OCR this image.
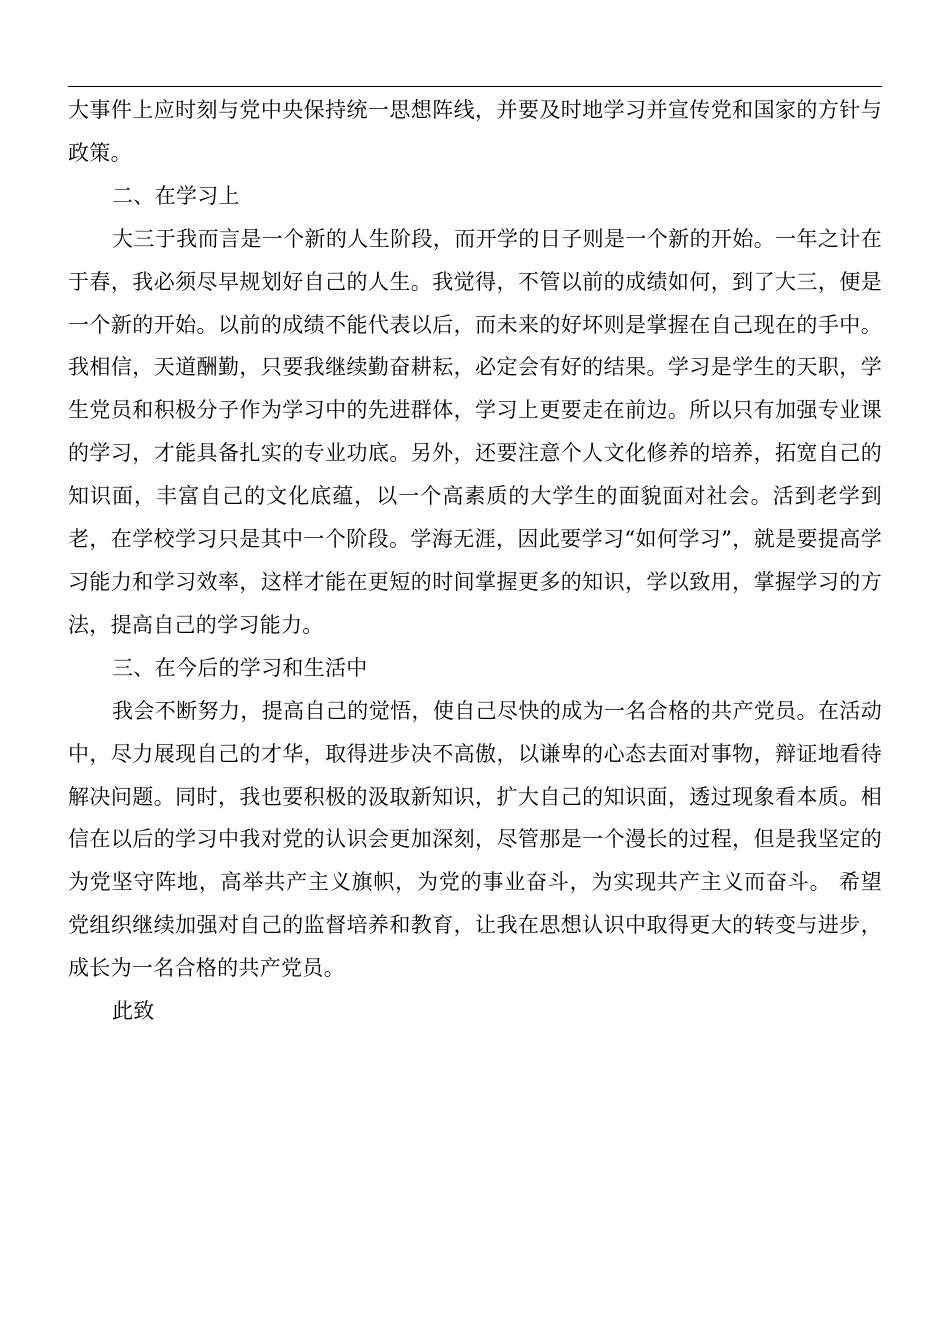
大事件上应时刻与党中央保持统一思想阵线，并要及时地学习并宣传党和国家的方针与政策。

二、在学习上

大三于我而言是一个新的人生阶段，而开学的日子则是一个新的开始。一年之计在于春，我必须尽早规划好自己的人生。我觉得，不管以前的成绩如何，到了大三，便是一个新的开始。以前的成绩不能代表以后，而未来的好坏则是掌握在自己现在的手中。我相信，天道酬勤，只要我继续勤奋耕耘，必定会有好的结果。学习是学生的天职，学生党员和积极分子作为学习中的先进群体，学习上更要走在前边。所以只有加强专业课的学习，才能具备扎实的专业功底。另外，还要注意个人文化修养的培养，拓宽自己的知识面，丰富自己的文化底蕴，以一个高素质的大学生的面貌面对社会。活到老学到老，在学校学习只是其中一个阶段。学海无涯，因此要学习“如何学习”，就是要提高学习能力和学习效率，这样才能在更短的时间掌握更多的知识，学以致用，掌握学习的方法，提高自己的学习能力。

三、在今后的学习和生活中

我会不断努力，提高自己的觉悟，使自己尽快的成为一名合格的共产党员。在活动中，尽力展现自己的才华，取得进步决不高傲，以谦卑的心态去面对事物，辩证地看待解决问题。同时，我也要积极的汲取新知识，扩大自己的知识面，透过现象看本质。相信在以后的学习中我对党的认识会更加深刻，尽管那是一个漫长的过程，但是我坚定的为党坚守阵地，高举共产主义旗帜，为党的事业奋斗，为实现共产主义而奋斗。 希望党组织继续加强对自己的监督培养和教育，让我在思想认识中取得更大的转变与进步，成长为一名合格的共产党员。

此致
